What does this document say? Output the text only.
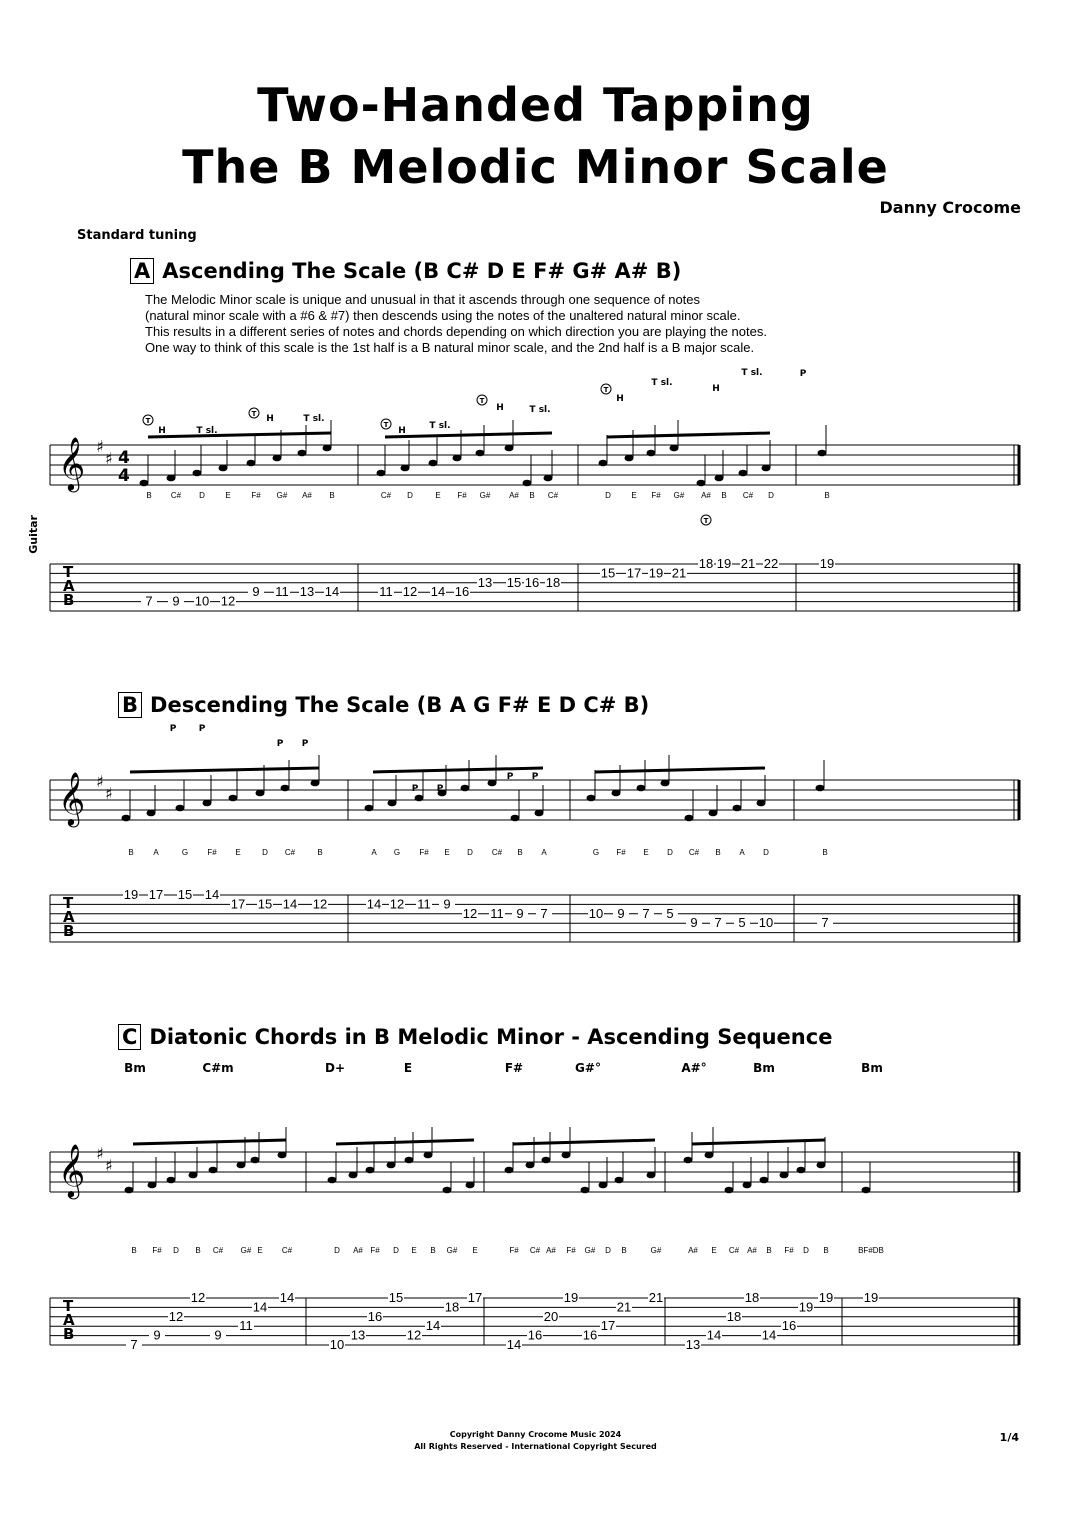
Two-Handed Tapping
The B Melodic Minor Scale
Danny Crocome
Standard tuning
A Ascending The Scale (B C# D E F# G# A# B)
The Melodic Minor scale is unique and unusual in that it ascends through one sequence of notes
(natural minor scale with a #6 & #7) then descends using the notes of the unaltered natural minor scale.
This results in a different series of notes and chords depending on which direction you are playing the notes.
One way to think of this scale is the 1st half is a B natural minor scale, and the 2nd half is a B major scale.
Guitar
B Descending The Scale (B A G F# E D C# B)
C Diatonic Chords in B Melodic Minor - Ascending Sequence
𝄞 ♯
♯ 4
4
T
A
B
B
7
C#
9
D
10
E
12
F#
9
G#
11
A#
13
B
14
C#
11
D
12
E
14
F#
16
G#
13
A#
15
B
16
C#
18
D
15
E
17
F#
19
G#
21
A#
18
B
19
C#
21
D
22
B
19
𝄞 ♯
♯
T
A
B
B
19
A
17
G
15
F#
14
E
17
D
15
C#
14
B
12
A
14
G
12
F#
11
E
9
D
12
C#
11
B
9
A
7
G
10
F#
9
E
7
D
5
C#
9
B
7
A
5
D
10
B
7
𝄞 ♯
♯
T
A
B
B
7
F#
9
D
12
B
12
C#
9
G#
11
E
14
C#
14
D
10
A#
13
F#
16
D
15
E
12
B
14
G#
18
E
17
F#
14
C#
16
A#
20
F#
19
G#
16
D
17
B
21
G#
21
A#
13
E
14
C#
18
A#
18
B
14
F#
16
D
19
B
19
BF#DB
19
T
T
T
T
T
T
T sl.
T sl.
T sl.
T sl.
T sl.
T sl.
H
H
H
H
H
H
P
P P
P P
P P
P P
Bm	C#m	D+	E	F#	G#°	A#°	Bm	Bm
Copyright Danny Crocome Music 2024
All Rights Reserved - International Copyright Secured
1/4
